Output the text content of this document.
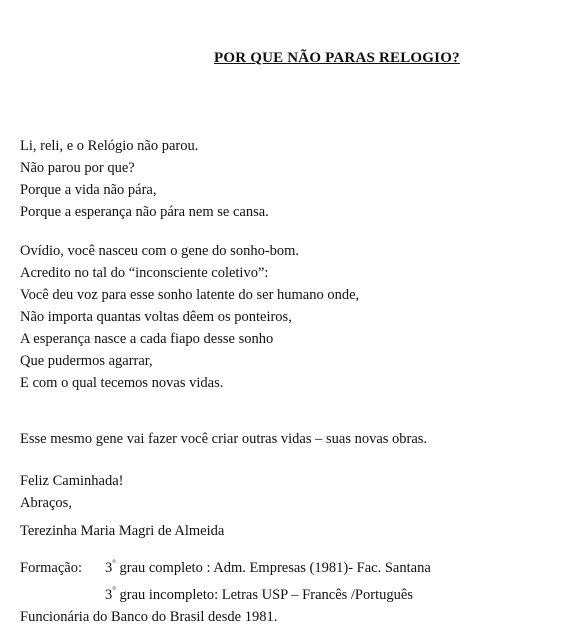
POR QUE NÃO PARAS RELOGIO?
Li, reli, e o Relógio não parou.
Não parou por que?
Porque a vida não pára,
Porque a esperança não pára nem se cansa.
Ovídio, você nasceu com o gene do sonho-bom.
Acredito no tal do “inconsciente coletivo”:
Você deu voz para esse sonho latente do ser humano onde,
Não importa quantas voltas dêem os ponteiros,
A esperança nasce a cada fiapo desse sonho
Que pudermos agarrar,
E com o qual tecemos novas vidas.
Esse mesmo gene vai fazer você criar outras vidas – suas novas obras.
Feliz Caminhada!
Abraços,
Terezinha Maria Magri de Almeida
Formação: 3° grau completo : Adm. Empresas (1981)- Fac. Santana
3° grau incompleto: Letras USP – Francês /Português
Funcionária do Banco do Brasil desde 1981.
